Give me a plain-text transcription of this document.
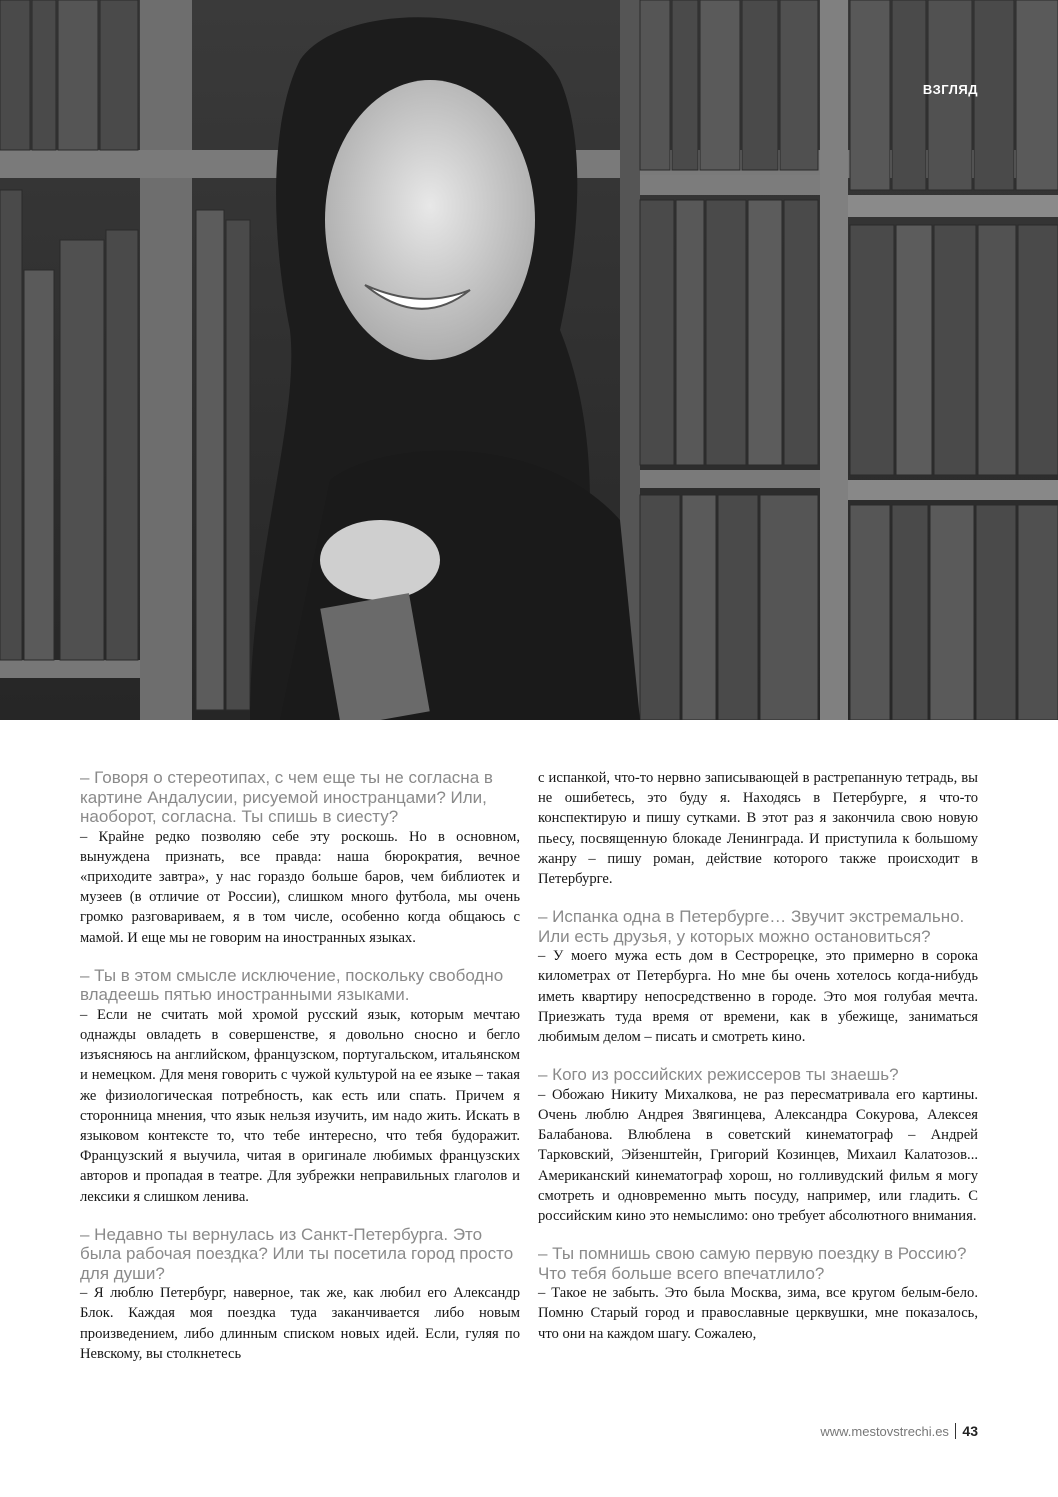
взгляд

– Говоря о стереотипах, с чем еще ты не согласна в картине Андалусии, рисуемой иностранцами? Или, наоборот, согласна. Ты спишь в сиесту?

– Крайне редко позволяю себе эту роскошь. Но в основном, вынуждена признать, все правда: наша бюрократия, вечное «приходите завтра», у нас гораздо больше баров, чем библиотек и музеев (в отличие от России), слишком много футбола, мы очень громко разговариваем, я в том числе, особенно когда общаюсь с мамой. И еще мы не говорим на иностранных языках.

– Ты в этом смысле исключение, поскольку свободно владеешь пятью иностранными языками.

– Если не считать мой хромой русский язык, которым мечтаю однажды овладеть в совершенстве, я довольно сносно и бегло изъясняюсь на английском, французском, португальском, итальянском и немецком. Для меня говорить с чужой культурой на ее языке – такая же физиологическая потребность, как есть или спать. Причем я сторонница мнения, что язык нельзя изучить, им надо жить. Искать в языковом контексте то, что тебе интересно, что тебя будоражит. Французский я выучила, читая в оригинале любимых французских авторов и пропадая в театре. Для зубрежки неправильных глаголов и лексики я слишком ленива.

– Недавно ты вернулась из Санкт-Петербурга. Это была рабочая поездка? Или ты посетила город просто для души?

– Я люблю Петербург, наверное, так же, как любил его Александр Блок. Каждая моя поездка туда заканчивается либо новым произведением, либо длинным списком новых идей. Если, гуляя по Невскому, вы столкнетесь

с испанкой, что-то нервно записывающей в растрепанную тетрадь, вы не ошибетесь, это буду я. Находясь в Петербурге, я что-то конспектирую и пишу сутками. В этот раз я закончила свою новую пьесу, посвященную блокаде Ленинграда. И приступила к большому жанру – пишу роман, действие которого также происходит в Петербурге.

– Испанка одна в Петербурге… Звучит экстремально. Или есть друзья, у которых можно остановиться?

– У моего мужа есть дом в Сестрорецке, это примерно в сорока километрах от Петербурга. Но мне бы очень хотелось когда-нибудь иметь квартиру непосредственно в городе. Это моя голубая мечта. Приезжать туда время от времени, как в убежище, заниматься любимым делом – писать и смотреть кино.

– Кого из российских режиссеров ты знаешь?

– Обожаю Никиту Михалкова, не раз пересматривала его картины. Очень люблю Андрея Звягинцева, Александра Сокурова, Алексея Балабанова. Влюблена в советский кинематограф – Андрей Тарковский, Эйзенштейн, Григорий Козинцев, Михаил Калатозов... Американский кинематограф хорош, но голливудский фильм я могу смотреть и одновременно мыть посуду, например, или гладить. С российским кино это немыслимо: оно требует абсолютного внимания.

– Ты помнишь свою самую первую поездку в Россию? Что тебя больше всего впечатлило?

– Такое не забыть. Это была Москва, зима, все кругом белым-бело. Помню Старый город и православные церквушки, мне показалось, что они на каждом шагу. Сожалею,

www.mestovstrechi.es 43
